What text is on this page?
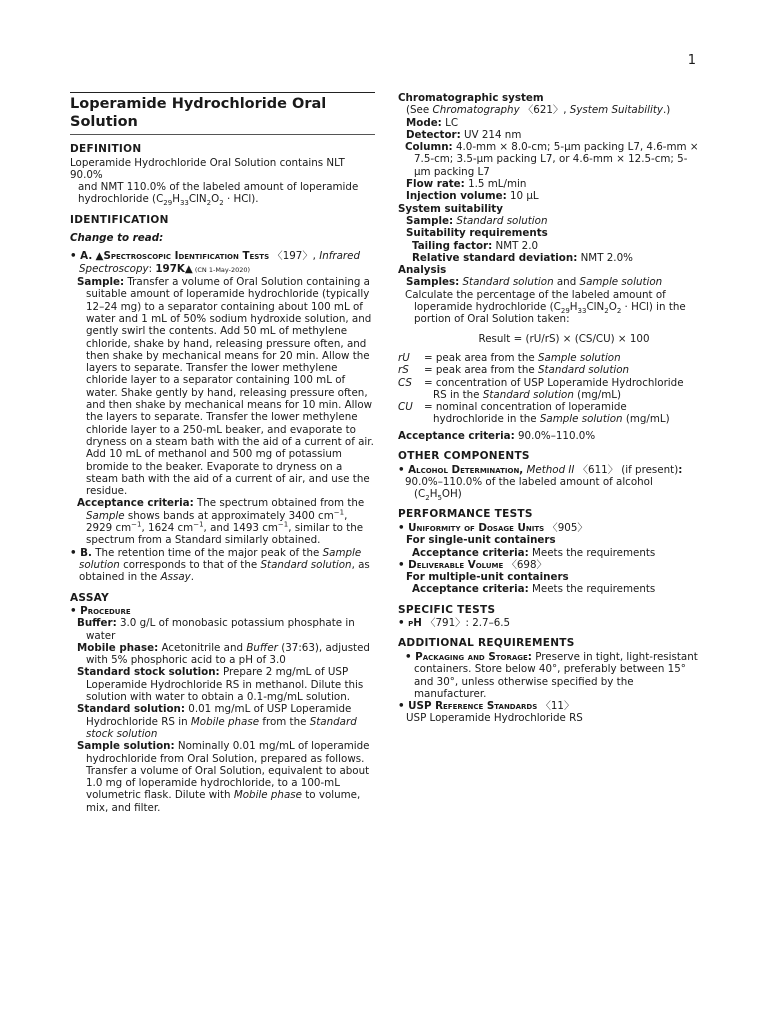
1
Loperamide Hydrochloride Oral
Solution
DEFINITION
Loperamide Hydrochloride Oral Solution contains NLT 90.0%
and NMT 110.0% of the labeled amount of loperamide
hydrochloride $(C_{29}H_{33}ClN_2O_2 \cdot HCl)$.
IDENTIFICATION
Change to read:
• A. ▲Spectroscopic Identification Tests 〈197〉, Infrared Spectroscopy: 197K▲ (CN 1-May-2020)
Sample: Transfer a volume of Oral Solution containing a suitable amount of loperamide hydrochloride (typically 12–24 mg) to a separator containing about 100 mL of water and 1 mL of 50% sodium hydroxide solution, and gently swirl the contents. Add 50 mL of methylene chloride, shake by hand, releasing pressure often, and then shake by mechanical means for 20 min. Allow the layers to separate. Transfer the lower methylene chloride layer to a separator containing 100 mL of water. Shake gently by hand, releasing pressure often, and then shake by mechanical means for 10 min. Allow the layers to separate. Transfer the lower methylene chloride layer to a 250-mL beaker, and evaporate to dryness on a steam bath with the aid of a current of air. Add 10 mL of methanol and 500 mg of potassium bromide to the beaker. Evaporate to dryness on a steam bath with the aid of a current of air, and use the residue.
Acceptance criteria: The spectrum obtained from the Sample shows bands at approximately 3400 $cm^{-1}$, 2929 $cm^{-1}$, 1624 $cm^{-1}$, and 1493 $cm^{-1}$, similar to the spectrum from a Standard similarly obtained.
• B. The retention time of the major peak of the Sample solution corresponds to that of the Standard solution, as obtained in the Assay.
ASSAY
• Procedure
Buffer: 3.0 g/L of monobasic potassium phosphate in water
Mobile phase: Acetonitrile and Buffer (37:63), adjusted with 5% phosphoric acid to a pH of 3.0
Standard stock solution: Prepare 2 mg/mL of USP Loperamide Hydrochloride RS in methanol. Dilute this solution with water to obtain a 0.1-mg/mL solution.
Standard solution: 0.01 mg/mL of USP Loperamide Hydrochloride RS in Mobile phase from the Standard stock solution
Sample solution: Nominally 0.01 mg/mL of loperamide hydrochloride from Oral Solution, prepared as follows. Transfer a volume of Oral Solution, equivalent to about 1.0 mg of loperamide hydrochloride, to a 100-mL volumetric flask. Dilute with Mobile phase to volume, mix, and filter.
Chromatographic system
(See Chromatography 〈621〉, System Suitability.)
Mode: LC
Detector: UV 214 nm
Column: 4.0-mm × 8.0-cm; 5-µm packing L7, 4.6-mm × 7.5-cm; 3.5-µm packing L7, or 4.6-mm × 12.5-cm; 5-µm packing L7
Flow rate: 1.5 mL/min
Injection volume: 10 µL
System suitability
Sample: Standard solution
Suitability requirements
Tailing factor: NMT 2.0
Relative standard deviation: NMT 2.0%
Analysis
Samples: Standard solution and Sample solution
Calculate the percentage of the labeled amount of loperamide hydrochloride $(C_{29}H_{33}ClN_2O_2 \cdot HCl)$ in the portion of Oral Solution taken:
Result = (rU/rS) × (CS/CU) × 100
rU	= peak area from the Sample solution
rS	= peak area from the Standard solution
CS	= concentration of USP Loperamide Hydrochloride RS in the Standard solution (mg/mL)
CU	= nominal concentration of loperamide hydrochloride in the Sample solution (mg/mL)
Acceptance criteria: 90.0%–110.0%
OTHER COMPONENTS
• Alcohol Determination, Method II 〈611〉 (if present):
90.0%–110.0% of the labeled amount of alcohol $(C_2H_5OH)$
PERFORMANCE TESTS
• Uniformity of Dosage Units 〈905〉
For single-unit containers
Acceptance criteria: Meets the requirements
• Deliverable Volume 〈698〉
For multiple-unit containers
Acceptance criteria: Meets the requirements
SPECIFIC TESTS
• pH 〈791〉: 2.7–6.5
ADDITIONAL REQUIREMENTS
• Packaging and Storage: Preserve in tight, light-resistant containers. Store below 40°, preferably between 15° and 30°, unless otherwise specified by the manufacturer.
• USP Reference Standards 〈11〉
USP Loperamide Hydrochloride RS
